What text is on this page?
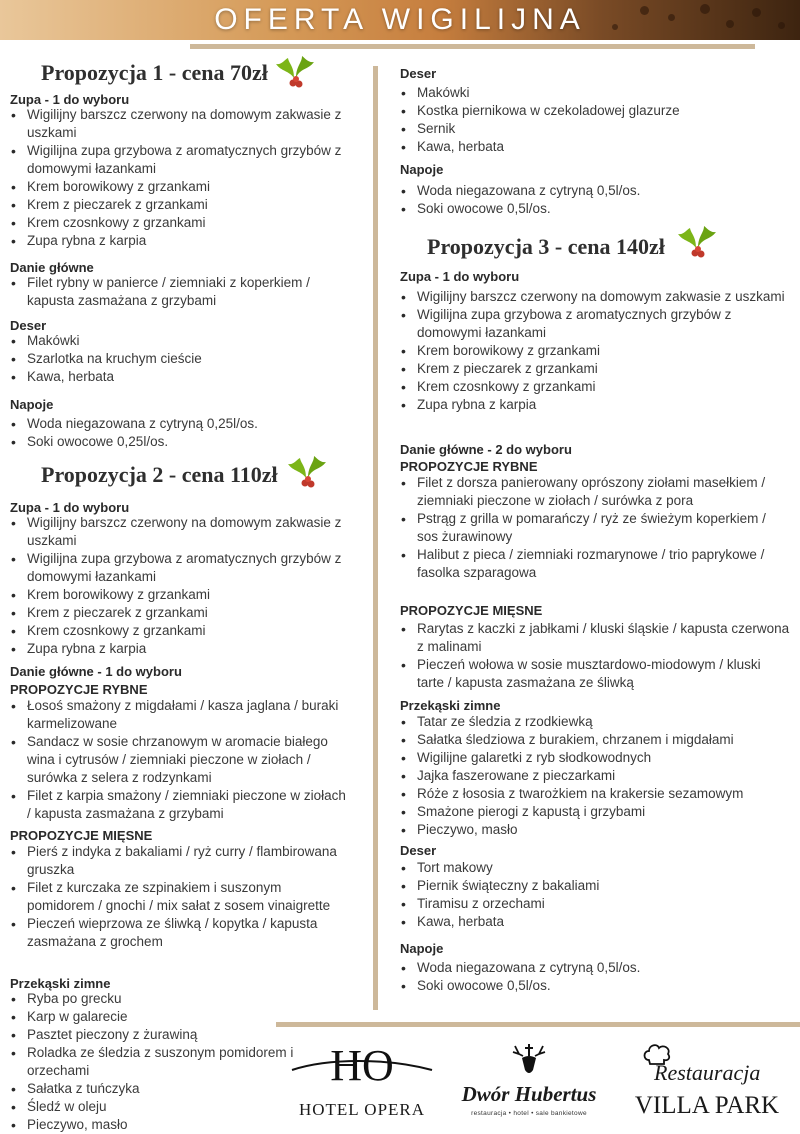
OFERTA WIGILIJNA
Propozycja 1 - cena 70zł
Zupa - 1 do wyboru
• Wigilijny barszcz czerwony na domowym zakwasie z uszkami
• Wigilijna zupa grzybowa z aromatycznych grzybów z domowymi łazankami
• Krem borowikowy z grzankami
• Krem z pieczarek z grzankami
• Krem czosnkowy z grzankami
• Zupa rybna z karpia
Danie główne
• Filet rybny w panierce / ziemniaki z koperkiem / kapusta zasmażana z grzybami
Deser
• Makówki
• Szarlotka na kruchym cieście
• Kawa, herbata
Napoje
• Woda niegazowana z cytryną 0,25l/os.
• Soki owocowe 0,25l/os.
Propozycja 2 - cena 110zł
Zupa - 1 do wyboru
• Wigilijny barszcz czerwony na domowym zakwasie z uszkami
• Wigilijna zupa grzybowa z aromatycznych grzybów z domowymi łazankami
• Krem borowikowy z grzankami
• Krem z pieczarek z grzankami
• Krem czosnkowy z grzankami
• Zupa rybna z karpia
Danie główne - 1 do wyboru
PROPOZYCJE RYBNE
• Łosoś smażony z migdałami / kasza jaglana / buraki karmelizowane
• Sandacz w sosie chrzanowym w aromacie białego wina i cytrusów / ziemniaki pieczone w ziołach / surówka z selera z rodzynkami
• Filet z karpia smażony / ziemniaki pieczone w ziołach / kapusta zasmażana z grzybami
PROPOZYCJE MIĘSNE
• Pierś z indyka z bakaliami / ryż curry / flambirowana gruszka
• Filet z kurczaka ze szpinakiem i suszonym pomidorem / gnochi / mix sałat z sosem vinaigrette
• Pieczeń wieprzowa ze śliwką / kopytka / kapusta zasmażana z grochem
Przekąski zimne
• Ryba po grecku
• Karp w galarecie
• Pasztet pieczony z żurawiną
• Roladka ze śledzia z suszonym pomidorem i orzechami
• Sałatka z tuńczyka
• Śledź w oleju
• Pieczywo, masło
Deser
• Makówki
• Kostka piernikowa w czekoladowej glazurze
• Sernik
• Kawa, herbata
Napoje
• Woda niegazowana z cytryną 0,5l/os.
• Soki owocowe 0,5l/os.
Propozycja 3 - cena 140zł
Zupa - 1 do wyboru
• Wigilijny barszcz czerwony na domowym zakwasie z uszkami
• Wigilijna zupa grzybowa z aromatycznych grzybów z domowymi łazankami
• Krem borowikowy z grzankami
• Krem z pieczarek z grzankami
• Krem czosnkowy z grzankami
• Zupa rybna z karpia
Danie główne - 2 do wyboru
PROPOZYCJE RYBNE
• Filet z dorsza panierowany oprószony ziołami masełkiem / ziemniaki pieczone w ziołach / surówka z pora
• Pstrąg z grilla w pomarańczy / ryż ze świeżym koperkiem / sos żurawinowy
• Halibut z pieca / ziemniaki rozmarynowe / trio paprykowe / fasolka szparagowa
PROPOZYCJE MIĘSNE
• Rarytas z kaczki z jabłkami / kluski śląskie / kapusta czerwona z malinami
• Pieczeń wołowa w sosie musztardowo-miodowym / kluski tarte / kapusta zasmażana ze śliwką
Przekąski zimne
• Tatar ze śledzia z rzodkiewką
• Sałatka śledziowa z burakiem, chrzanem i migdałami
• Wigilijne galaretki z ryb słodkowodnych
• Jajka faszerowane z pieczarkami
• Róże z łososia z twarożkiem na krakersie sezamowym
• Smażone pierogi z kapustą i grzybami
• Pieczywo, masło
Deser
• Tort makowy
• Piernik świąteczny z bakaliami
• Tiramisu z orzechami
• Kawa, herbata
Napoje
• Woda niegazowana z cytryną 0,5l/os.
• Soki owocowe 0,5l/os.
HO
HOTEL OPERA
Dwór Hubertus
restauracja • hotel • sale bankietowe
Restauracja
VILLA PARK
